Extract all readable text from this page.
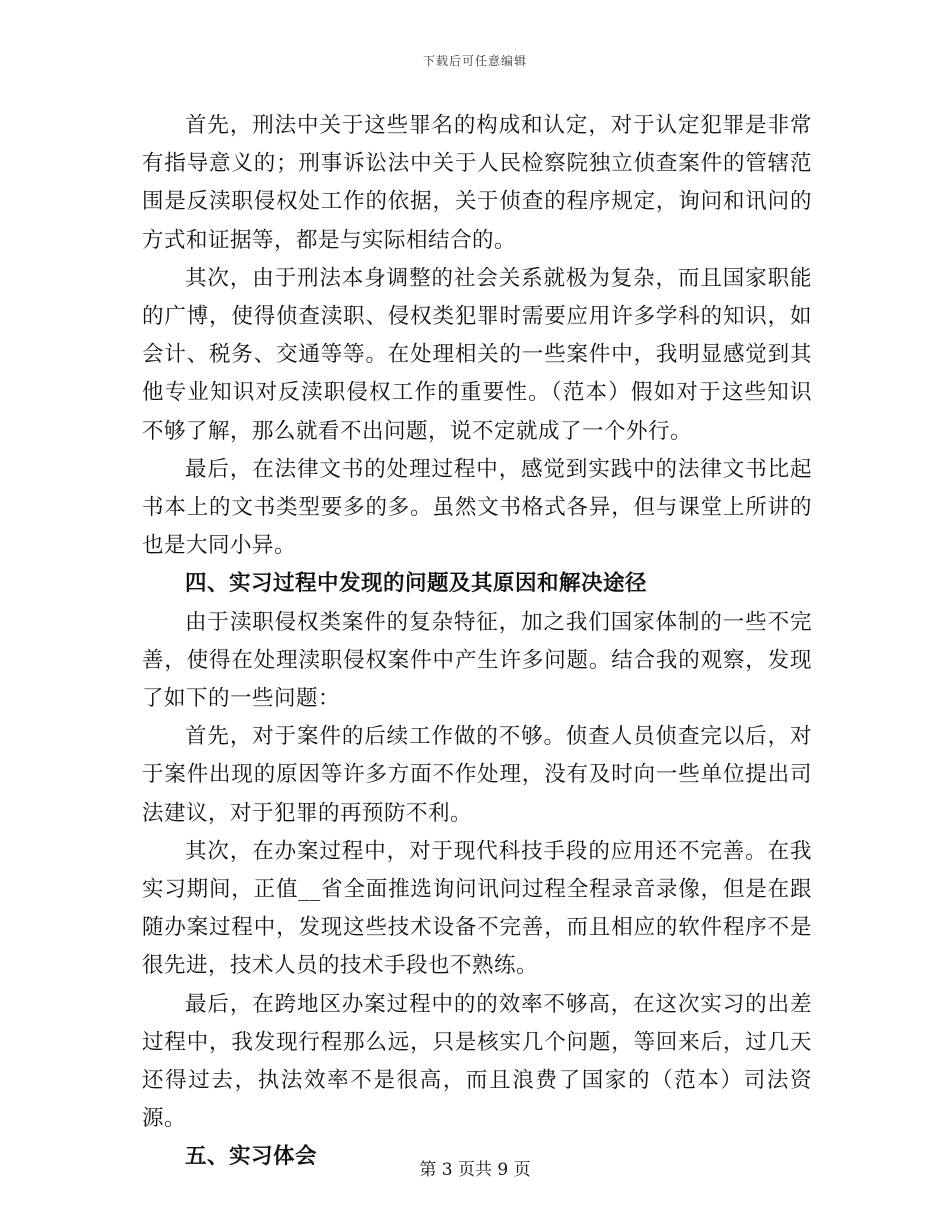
下载后可任意编辑

首先，刑法中关于这些罪名的构成和认定，对于认定犯罪是非常有指导意义的；刑事诉讼法中关于人民检察院独立侦查案件的管辖范围是反渎职侵权处工作的依据，关于侦查的程序规定，询问和讯问的方式和证据等，都是与实际相结合的。

其次，由于刑法本身调整的社会关系就极为复杂，而且国家职能的广博，使得侦查渎职、侵权类犯罪时需要应用许多学科的知识，如会计、税务、交通等等。在处理相关的一些案件中，我明显感觉到其他专业知识对反渎职侵权工作的重要性。（范本）假如对于这些知识不够了解，那么就看不出问题，说不定就成了一个外行。

最后，在法律文书的处理过程中，感觉到实践中的法律文书比起书本上的文书类型要多的多。虽然文书格式各异，但与课堂上所讲的也是大同小异。

四、实习过程中发现的问题及其原因和解决途径

由于渎职侵权类案件的复杂特征，加之我们国家体制的一些不完善，使得在处理渎职侵权案件中产生许多问题。结合我的观察，发现了如下的一些问题：

首先，对于案件的后续工作做的不够。侦查人员侦查完以后，对于案件出现的原因等许多方面不作处理，没有及时向一些单位提出司法建议，对于犯罪的再预防不利。

其次，在办案过程中，对于现代科技手段的应用还不完善。在我实习期间，正值__省全面推选询问讯问过程全程录音录像，但是在跟随办案过程中，发现这些技术设备不完善，而且相应的软件程序不是很先进，技术人员的技术手段也不熟练。

最后，在跨地区办案过程中的的效率不够高，在这次实习的出差过程中，我发现行程那么远，只是核实几个问题，等回来后，过几天还得过去，执法效率不是很高，而且浪费了国家的（范本）司法资源。

五、实习体会

第 3 页共 9 页
